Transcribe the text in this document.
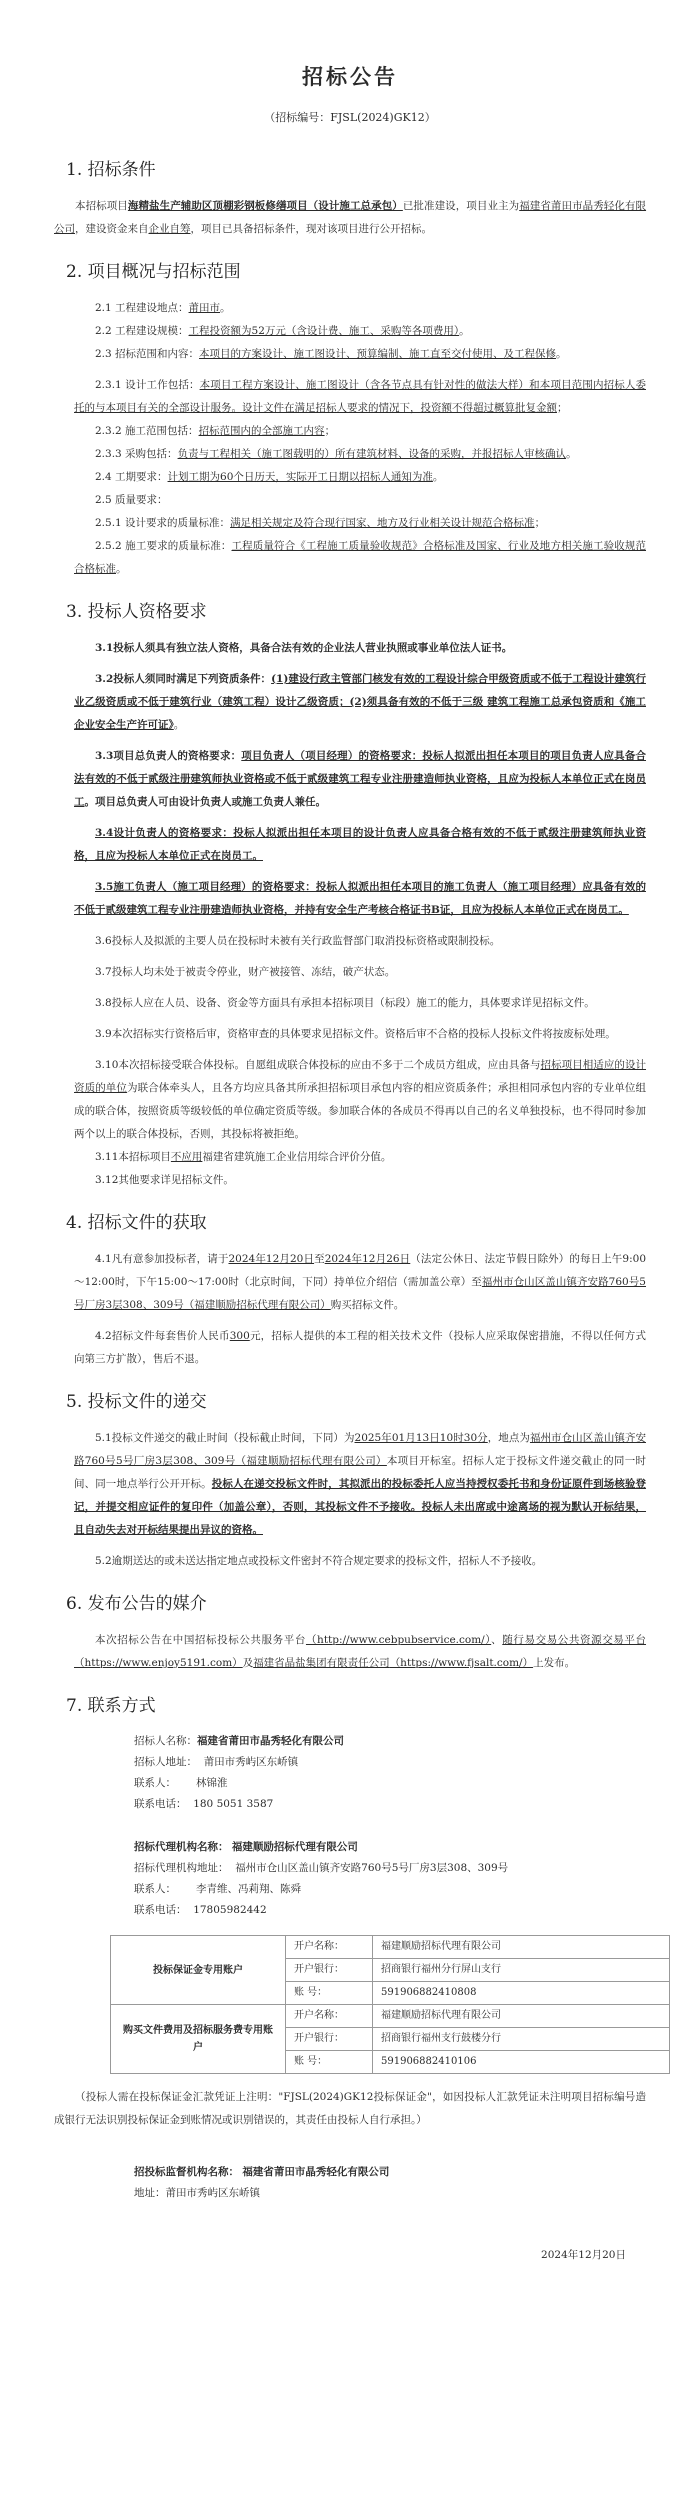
招标公告
（招标编号：FJSL(2024)GK12）
1. 招标条件

本招标项目海精盐生产辅助区顶棚彩钢板修缮项目（设计施工总承包）已批准建设，项目业主为福建省莆田市晶秀轻化有限公司，建设资金来自企业自筹，项目已具备招标条件，现对该项目进行公开招标。

2. 项目概况与招标范围

2.1 工程建设地点：莆田市。

2.2 工程建设规模：工程投资额为52万元（含设计费、施工、采购等各项费用）。

2.3 招标范围和内容：本项目的方案设计、施工图设计、预算编制、施工直至交付使用、及工程保修。

2.3.1 设计工作包括：本项目工程方案设计、施工图设计（含各节点具有针对性的做法大样）和本项目范围内招标人委托的与本项目有关的全部设计服务。设计文件在满足招标人要求的情况下，投资额不得超过概算批复金额；

2.3.2 施工范围包括：招标范围内的全部施工内容；

2.3.3 采购包括：负责与工程相关（施工图载明的）所有建筑材料、设备的采购，并报招标人审核确认。

2.4 工期要求：计划工期为60个日历天，实际开工日期以招标人通知为准。

2.5 质量要求：

2.5.1 设计要求的质量标准：满足相关规定及符合现行国家、地方及行业相关设计规范合格标准；

2.5.2 施工要求的质量标准：工程质量符合《工程施工质量验收规范》合格标准及国家、行业及地方相关施工验收规范合格标准。

3. 投标人资格要求

3.1投标人须具有独立法人资格，具备合法有效的企业法人营业执照或事业单位法人证书。

3.2投标人须同时满足下列资质条件：(1)建设行政主管部门核发有效的工程设计综合甲级资质或不低于工程设计建筑行业乙级资质或不低于建筑行业（建筑工程）设计乙级资质；(2)须具备有效的不低于三级 建筑工程施工总承包资质和《施工企业安全生产许可证》。

3.3项目总负责人的资格要求：项目负责人（项目经理）的资格要求：投标人拟派出担任本项目的项目负责人应具备合法有效的不低于贰级注册建筑师执业资格或不低于贰级建筑工程专业注册建造师执业资格，且应为投标人本单位正式在岗员工。项目总负责人可由设计负责人或施工负责人兼任。

3.4设计负责人的资格要求：投标人拟派出担任本项目的设计负责人应具备合格有效的不低于贰级注册建筑师执业资格，且应为投标人本单位正式在岗员工。

3.5施工负责人（施工项目经理）的资格要求：投标人拟派出担任本项目的施工负责人（施工项目经理）应具备有效的不低于贰级建筑工程专业注册建造师执业资格，并持有安全生产考核合格证书B证，且应为投标人本单位正式在岗员工。

3.6投标人及拟派的主要人员在投标时未被有关行政监督部门取消投标资格或限制投标。

3.7投标人均未处于被责令停业，财产被接管、冻结，破产状态。

3.8投标人应在人员、设备、资金等方面具有承担本招标项目（标段）施工的能力，具体要求详见招标文件。

3.9本次招标实行资格后审，资格审查的具体要求见招标文件。资格后审不合格的投标人投标文件将按废标处理。

3.10本次招标接受联合体投标。自愿组成联合体投标的应由不多于二个成员方组成，应由具备与招标项目相适应的设计资质的单位为联合体牵头人，且各方均应具备其所承担招标项目承包内容的相应资质条件；承担相同承包内容的专业单位组成的联合体，按照资质等级较低的单位确定资质等级。参加联合体的各成员不得再以自己的名义单独投标，也不得同时参加两个以上的联合体投标，否则，其投标将被拒绝。

3.11本招标项目不应用福建省建筑施工企业信用综合评价分值。

3.12其他要求详见招标文件。

4. 招标文件的获取

4.1凡有意参加投标者，请于2024年12月20日至2024年12月26日（法定公休日、法定节假日除外）的每日上午9:00～12:00时，下午15:00～17:00时（北京时间，下同）持单位介绍信（需加盖公章）至福州市仓山区盖山镇齐安路760号5号厂房3层308、309号（福建顺励招标代理有限公司）购买招标文件。

4.2招标文件每套售价人民币300元，招标人提供的本工程的相关技术文件（投标人应采取保密措施，不得以任何方式向第三方扩散），售后不退。

5. 投标文件的递交

5.1投标文件递交的截止时间（投标截止时间，下同）为2025年01月13日10时30分，地点为福州市仓山区盖山镇齐安路760号5号厂房3层308、309号（福建顺励招标代理有限公司）本项目开标室。招标人定于投标文件递交截止的同一时间、同一地点举行公开开标。投标人在递交投标文件时，其拟派出的投标委托人应当持授权委托书和身份证原件到场核验登记，并提交相应证件的复印件（加盖公章），否则，其投标文件不予接收。投标人未出席或中途离场的视为默认开标结果，且自动失去对开标结果提出异议的资格。

5.2逾期送达的或未送达指定地点或投标文件密封不符合规定要求的投标文件，招标人不予接收。

6. 发布公告的媒介

本次招标公告在中国招标投标公共服务平台（http://www.cebpubservice.com/）、随行易交易公共资源交易平台（https://www.enjoy5191.com）及福建省晶盐集团有限责任公司（https://www.fjsalt.com/）上发布。

7. 联系方式

招标人名称：福建省莆田市晶秀轻化有限公司

招标人地址： 莆田市秀屿区东峤镇

联系人： 林锦淮

联系电话： 180 5051 3587

招标代理机构名称： 福建顺励招标代理有限公司

招标代理机构地址： 福州市仓山区盖山镇齐安路760号5号厂房3层308、309号

联系人： 李青维、冯莉翔、陈舜

联系电话： 17805982442

投标保证金专用账户	开户名称：	福建顺励招标代理有限公司
	开户银行：	招商银行福州分行屏山支行
	账 号：	591906882410808
购买文件费用及招标服务费专用账户	开户名称：	福建顺励招标代理有限公司
	开户银行：	招商银行福州支行鼓楼分行
	账 号：	591906882410106

（投标人需在投标保证金汇款凭证上注明："FJSL(2024)GK12投标保证金"，如因投标人汇款凭证未注明项目招标编号造成银行无法识别投标保证金到账情况或识别错误的，其责任由投标人自行承担。）

招投标监督机构名称： 福建省莆田市晶秀轻化有限公司

地址：莆田市秀屿区东峤镇

2024年12月20日
